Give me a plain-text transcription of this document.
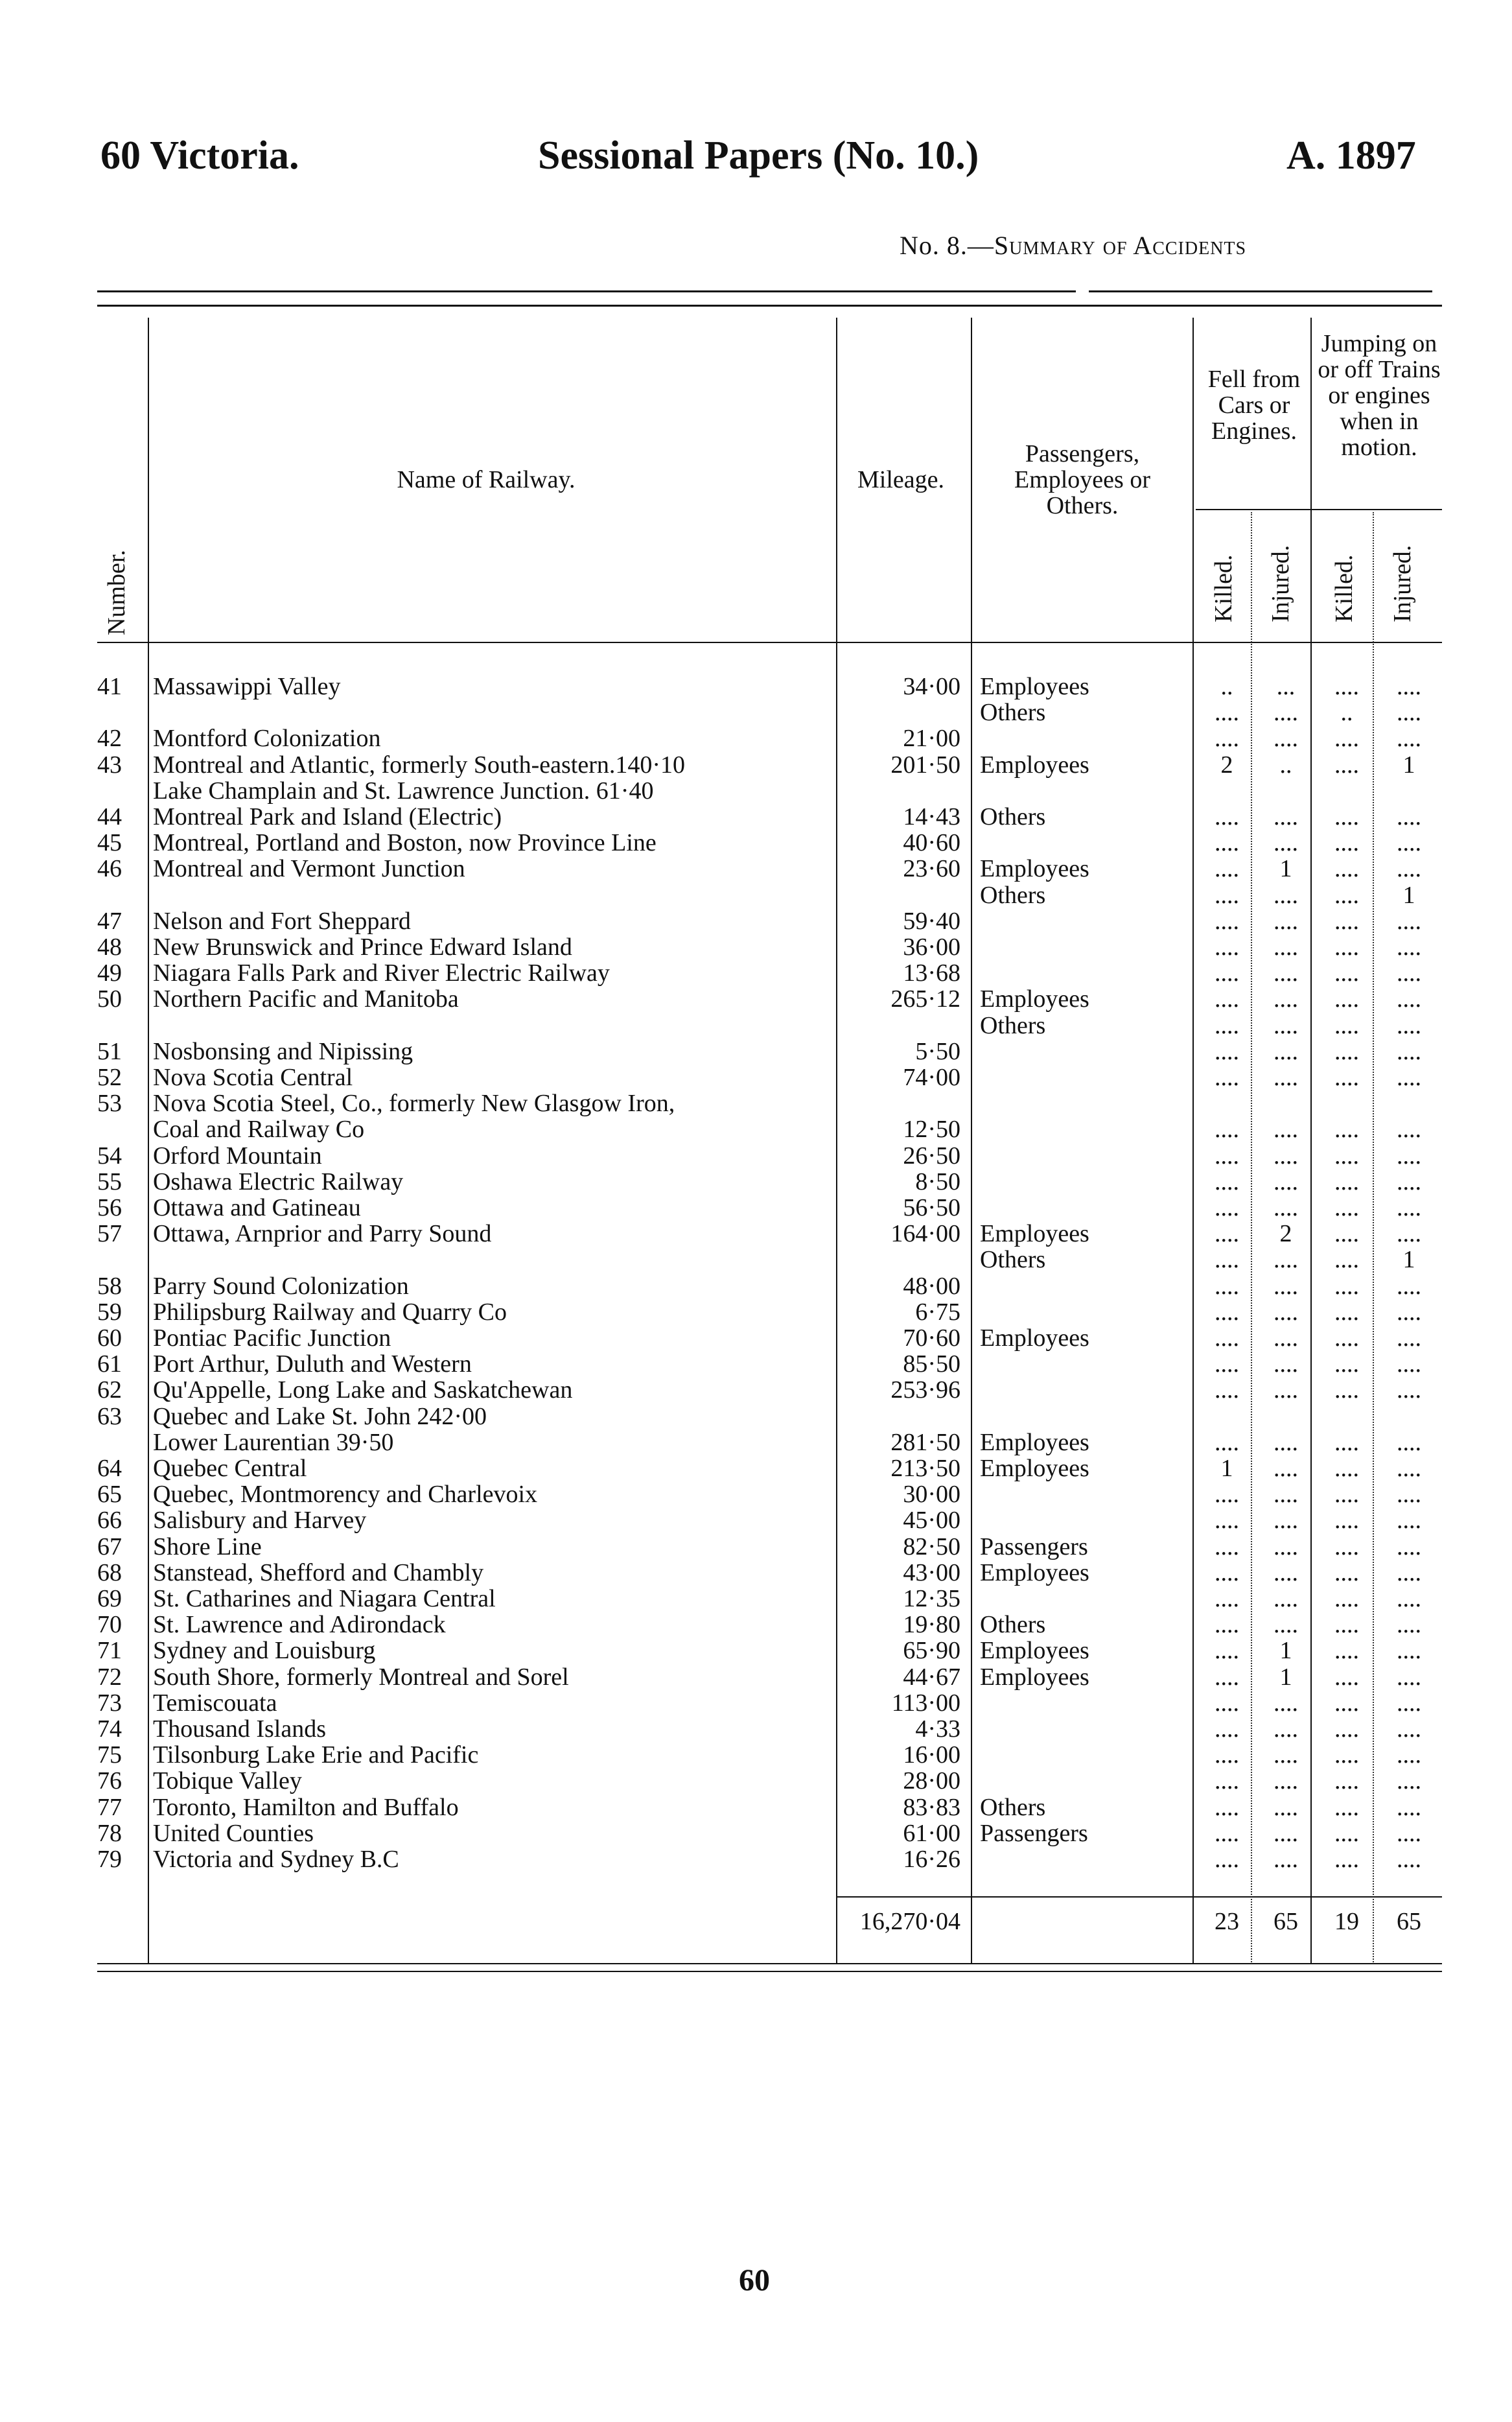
60 Victoria.	Sessional Papers (No. 10.)	A. 1897
No. 8.—Summary of Accidents
Number.
Name of Railway.	Mileage.
Passengers, Employees or Others.
Fell from Cars or Engines.
Jumping on or off Trains or engines when in motion.
Killed. Injured. Killed. Injured.
41	Massawippi Valley	34·00 Employees	..	...	....	....
Others	....	....	..	....
42	Montford Colonization	21·00	....	....	....	....
43	Montreal and Atlantic, formerly South-eastern.140·10	201·50 Employees	2	..	....	1
Lake Champlain and St. Lawrence Junction. 61·40
44	Montreal Park and Island (Electric)	14·43 Others	....	....	....	....
45	Montreal, Portland and Boston, now Province Line	40·60	....	....	....	....
46	Montreal and Vermont Junction	23·60 Employees	....	1	....	....
Others	....	....	....	1
47	Nelson and Fort Sheppard	59·40	....	....	....	....
48	New Brunswick and Prince Edward Island	36·00	....	....	....	....
49	Niagara Falls Park and River Electric Railway	13·68	....	....	....	....
50	Northern Pacific and Manitoba	265·12 Employees	....	....	....	....
Others	....	....	....	....
51	Nosbonsing and Nipissing	5·50	....	....	....	....
52	Nova Scotia Central	74·00	....	....	....	....
53	Nova Scotia Steel, Co., formerly New Glasgow Iron,
Coal and Railway Co	12·50	....	....	....	....
54	Orford Mountain	26·50	....	....	....	....
55	Oshawa Electric Railway	8·50	....	....	....	....
56	Ottawa and Gatineau	56·50	....	....	....	....
57	Ottawa, Arnprior and Parry Sound	164·00 Employees	....	2	....	....
Others	....	....	....	1
58	Parry Sound Colonization	48·00	....	....	....	....
59	Philipsburg Railway and Quarry Co	6·75	....	....	....	....
60	Pontiac Pacific Junction	70·60 Employees	....	....	....	....
61	Port Arthur, Duluth and Western	85·50	....	....	....	....
62	Qu'Appelle, Long Lake and Saskatchewan	253·96	....	....	....	....
63	Quebec and Lake St. John 242·00
Lower Laurentian 39·50	281·50 Employees	....	....	....	....
64	Quebec Central	213·50 Employees	1	....	....	....
65	Quebec, Montmorency and Charlevoix	30·00	....	....	....	....
66	Salisbury and Harvey	45·00	....	....	....	....
67	Shore Line	82·50 Passengers	....	....	....	....
68	Stanstead, Shefford and Chambly	43·00 Employees	....	....	....	....
69	St. Catharines and Niagara Central	12·35	....	....	....	....
70	St. Lawrence and Adirondack	19·80 Others	....	....	....	....
71	Sydney and Louisburg	65·90 Employees	....	1	....	....
72	South Shore, formerly Montreal and Sorel	44·67 Employees	....	1	....	....
73	Temiscouata	113·00	....	....	....	....
74	Thousand Islands	4·33	....	....	....	....
75	Tilsonburg Lake Erie and Pacific	16·00	....	....	....	....
76	Tobique Valley	28·00	....	....	....	....
77	Toronto, Hamilton and Buffalo	83·83 Others	....	....	....	....
78	United Counties	61·00 Passengers	....	....	....	....
79	Victoria and Sydney B.C	16·26	....	....	....	....
16,270·04	23	65	19	65
60
